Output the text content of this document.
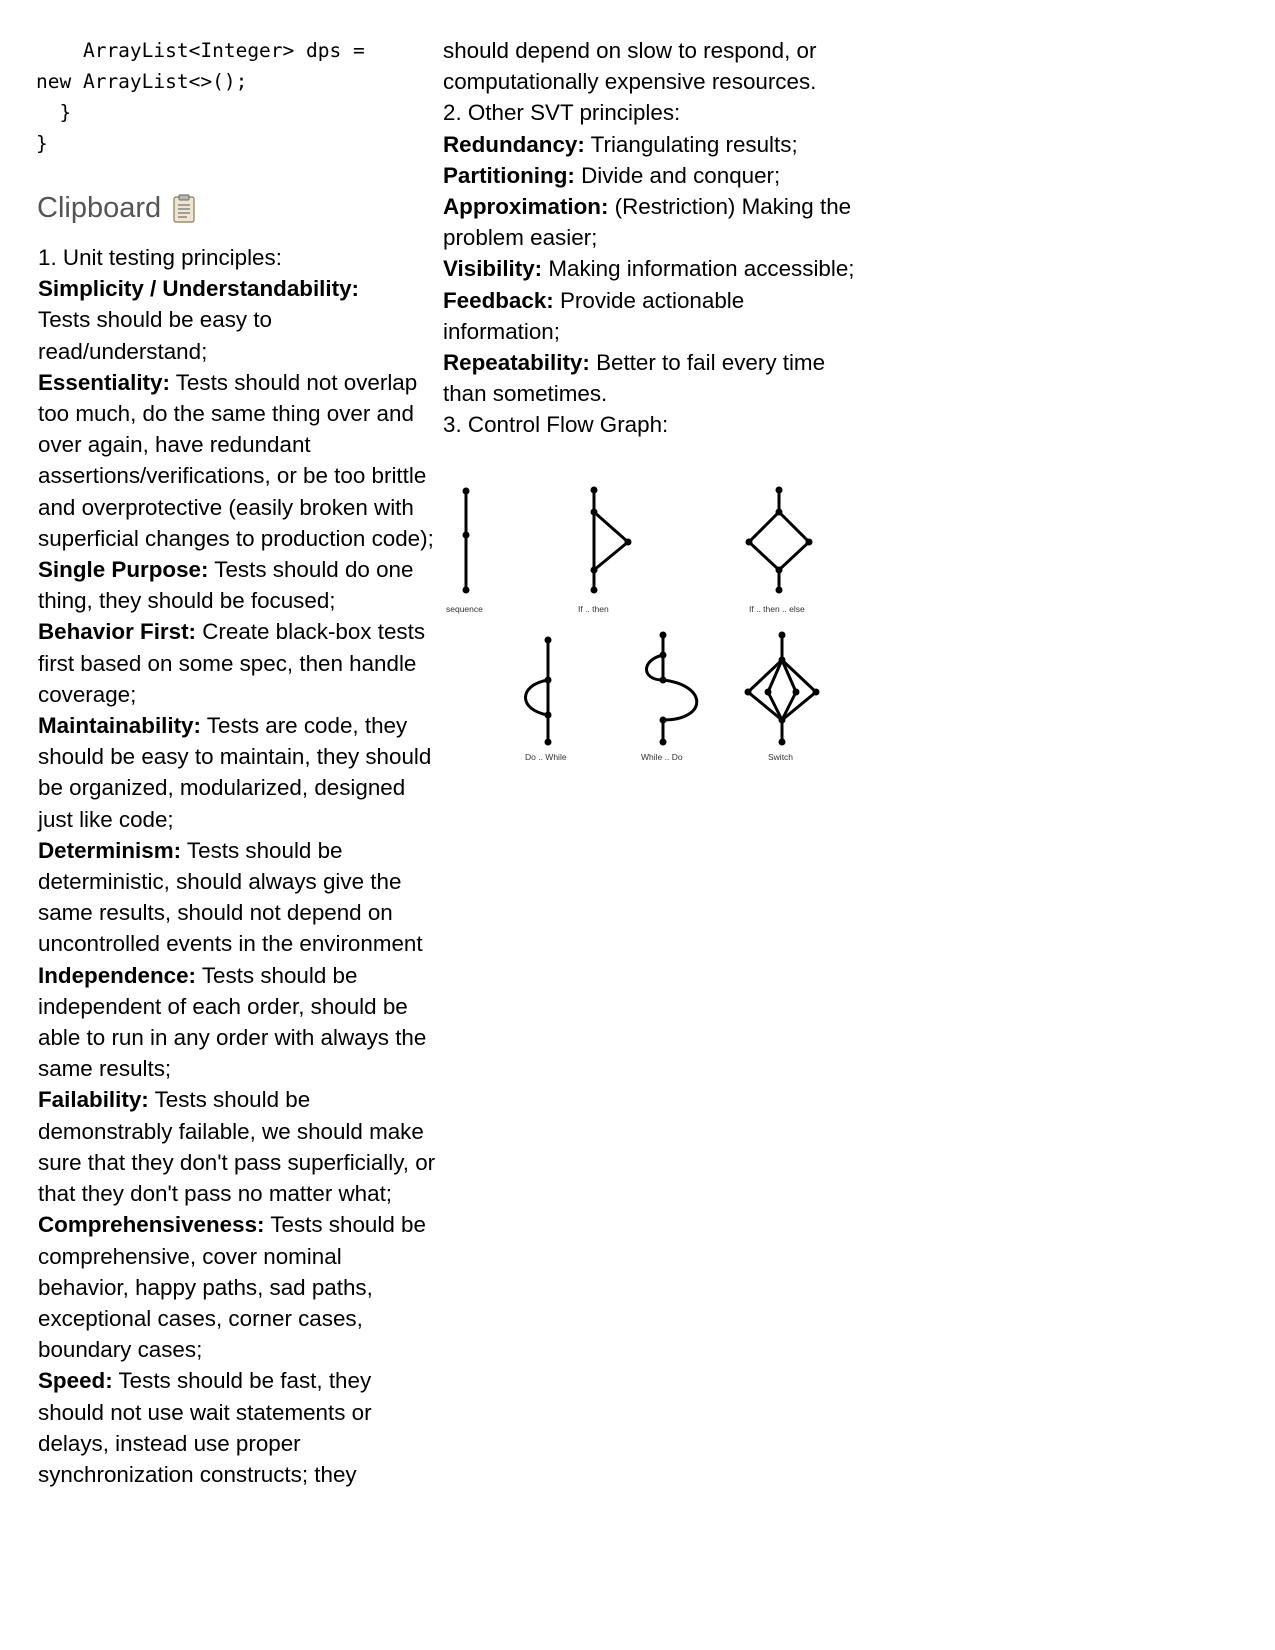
ArrayList<Integer> dps =
new ArrayList<>();
}
}
Clipboard

1. Unit testing principles:

Simplicity / Understandability:
Tests should be easy to read/understand;

Essentiality: Tests should not overlap too much, do the same thing over and over again, have redundant assertions/verifications, or be too brittle and overprotective (easily broken with superficial changes to production code);

Single Purpose: Tests should do one thing, they should be focused;

Behavior First: Create black-box tests first based on some spec, then handle coverage;

Maintainability: Tests are code, they should be easy to maintain, they should be organized, modularized, designed just like code;

Determinism: Tests should be deterministic, should always give the same results, should not depend on uncontrolled events in the environment

Independence: Tests should be independent of each order, should be able to run in any order with always the same results;

Failability: Tests should be demonstrably failable, we should make sure that they don't pass superficially, or that they don't pass no matter what;

Comprehensiveness: Tests should be comprehensive, cover nominal behavior, happy paths, sad paths, exceptional cases, corner cases, boundary cases;

Speed: Tests should be fast, they should not use wait statements or delays, instead use proper synchronization constructs; they

should depend on slow to respond, or computationally expensive resources.

2. Other SVT principles:

Redundancy: Triangulating results;

Partitioning: Divide and conquer;

Approximation: (Restriction) Making the problem easier;

Visibility: Making information accessible;

Feedback: Provide actionable information;

Repeatability: Better to fail every time than sometimes.

3. Control Flow Graph:

sequence	If .. then	If .. then .. else
Do .. While	While .. Do	Switch
